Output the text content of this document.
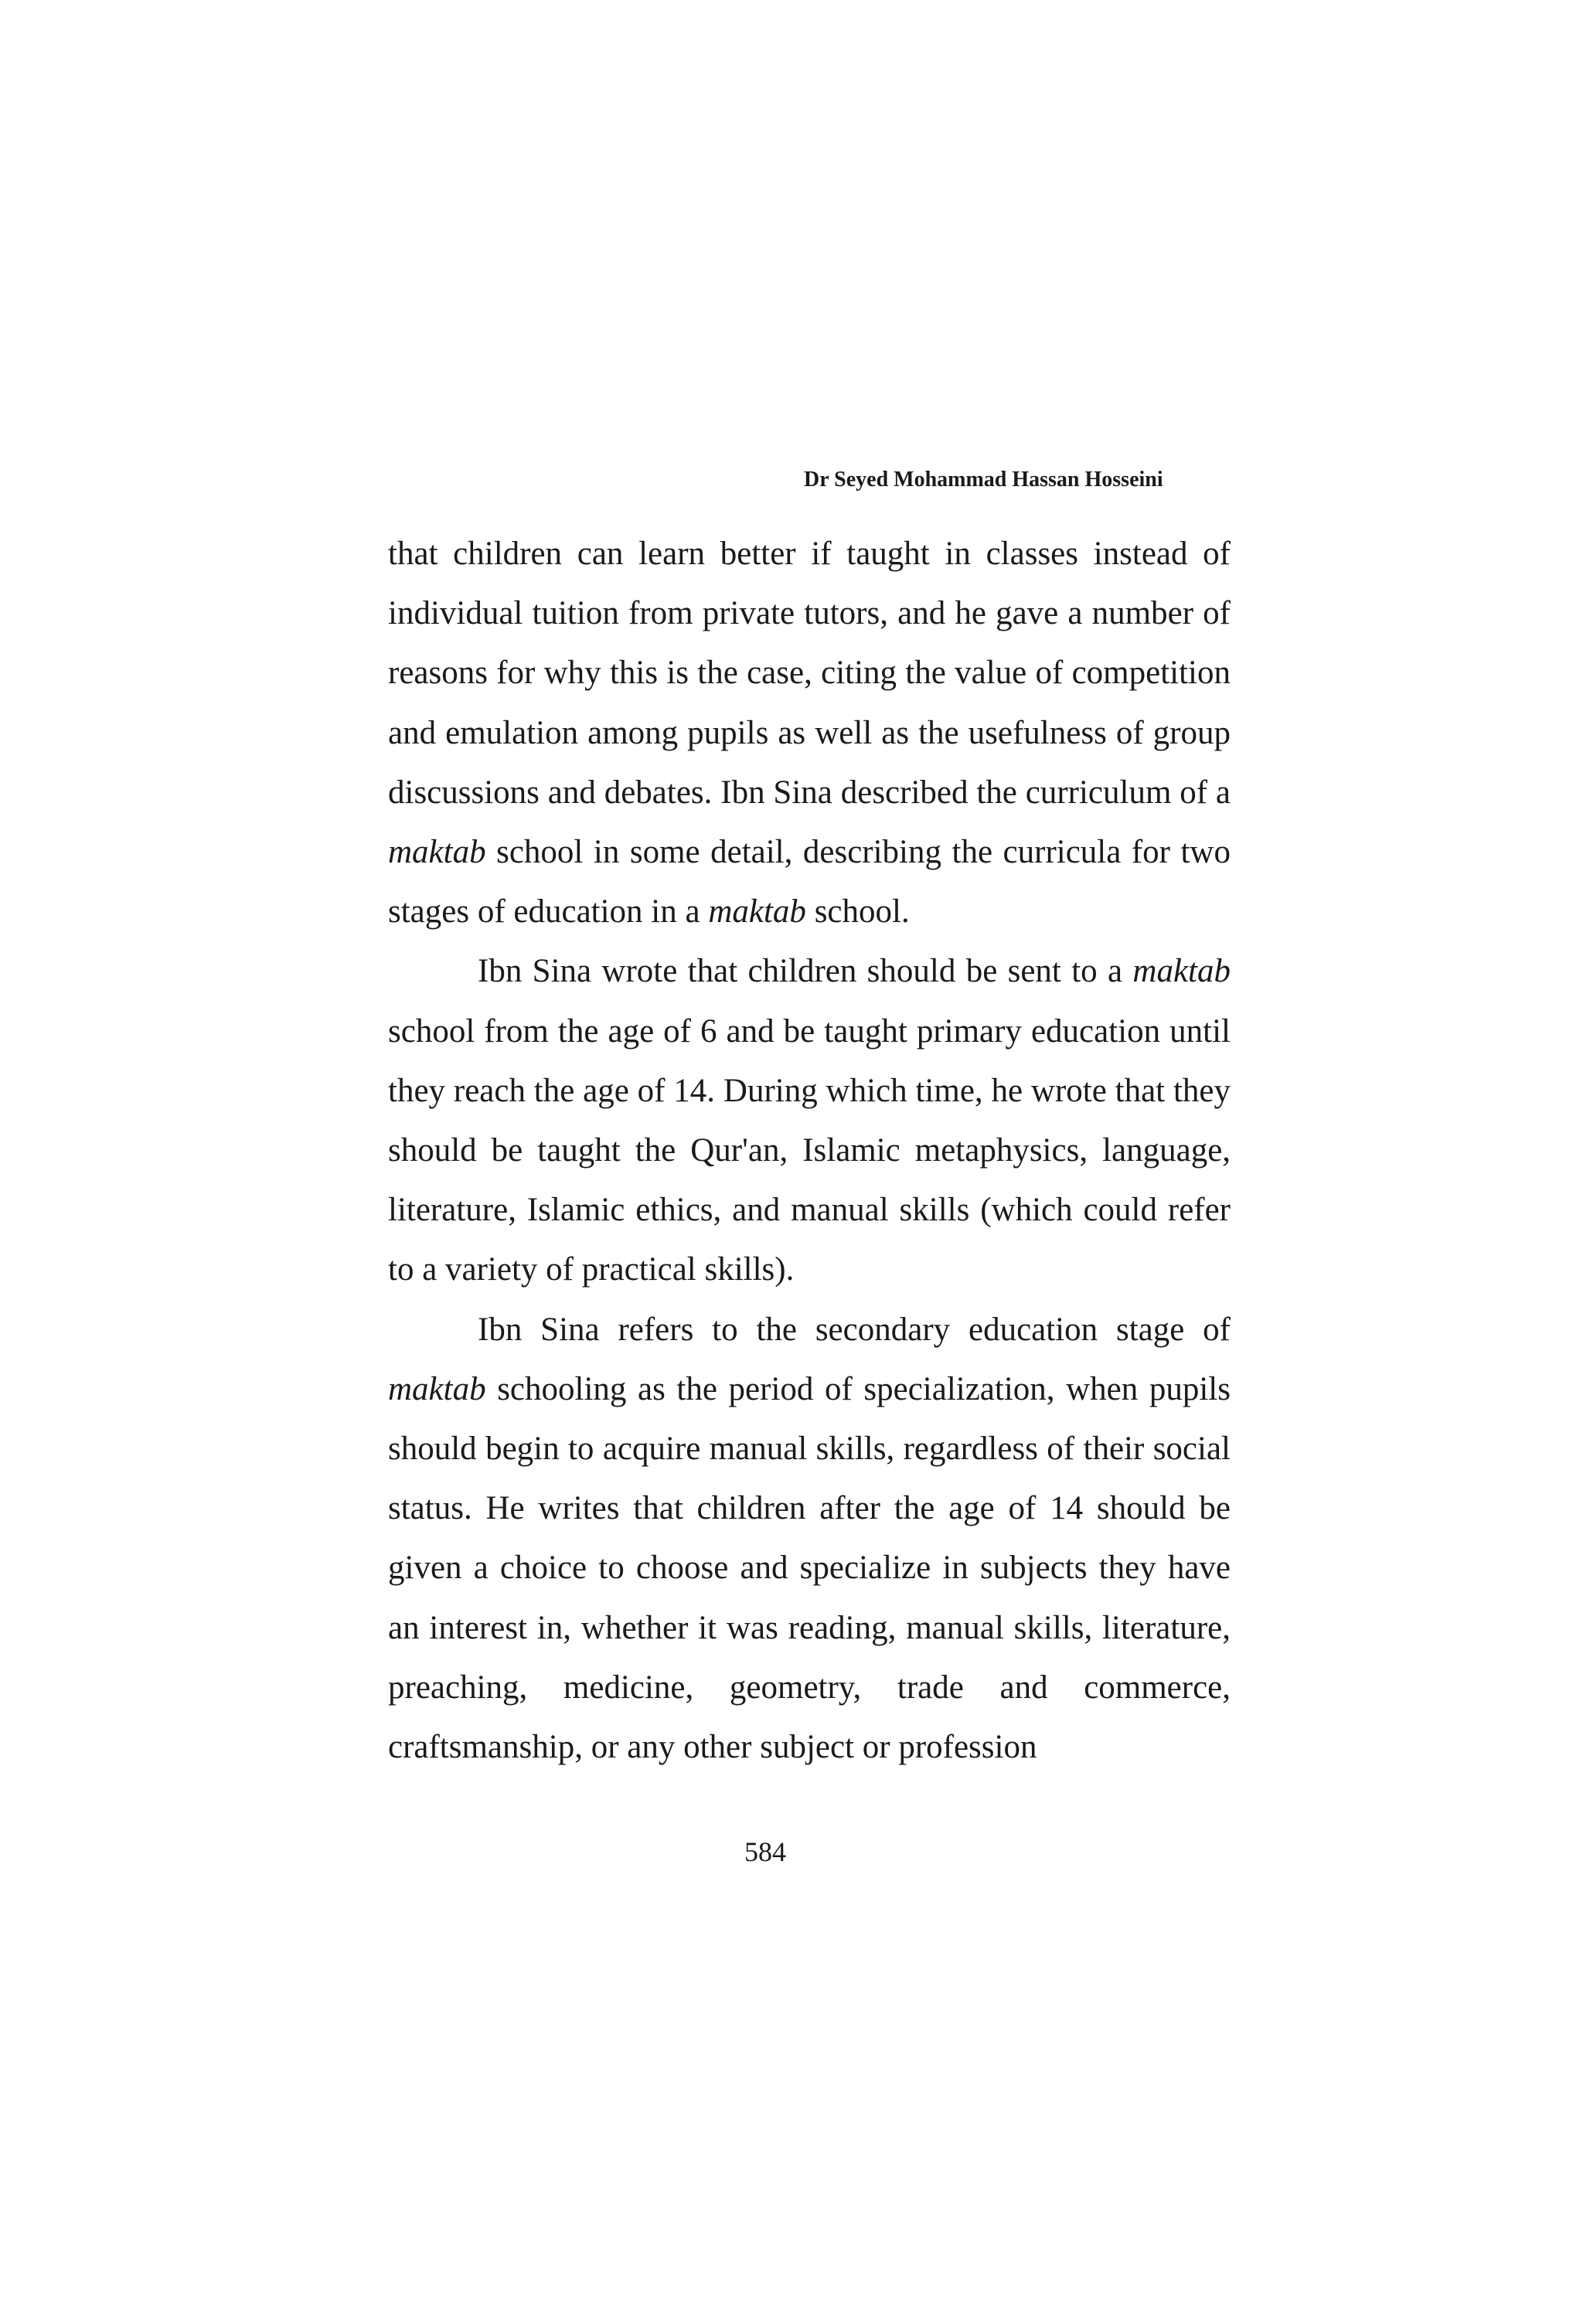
Dr Seyed Mohammad Hassan Hosseini

that children can learn better if taught in classes instead of individual tuition from private tutors, and he gave a number of reasons for why this is the case, citing the value of competition and emulation among pupils as well as the usefulness of group discussions and debates. Ibn Sina described the curriculum of a maktab school in some detail, describing the curricula for two stages of education in a maktab school.

Ibn Sina wrote that children should be sent to a maktab school from the age of 6 and be taught primary education until they reach the age of 14. During which time, he wrote that they should be taught the Qur'an, Islamic metaphysics, language, literature, Islamic ethics, and manual skills (which could refer to a variety of practical skills).

Ibn Sina refers to the secondary education stage of maktab schooling as the period of specialization, when pupils should begin to acquire manual skills, regardless of their social status. He writes that children after the age of 14 should be given a choice to choose and specialize in subjects they have an interest in, whether it was reading, manual skills, literature, preaching, medicine, geometry, trade and commerce, craftsmanship, or any other subject or profession

584
